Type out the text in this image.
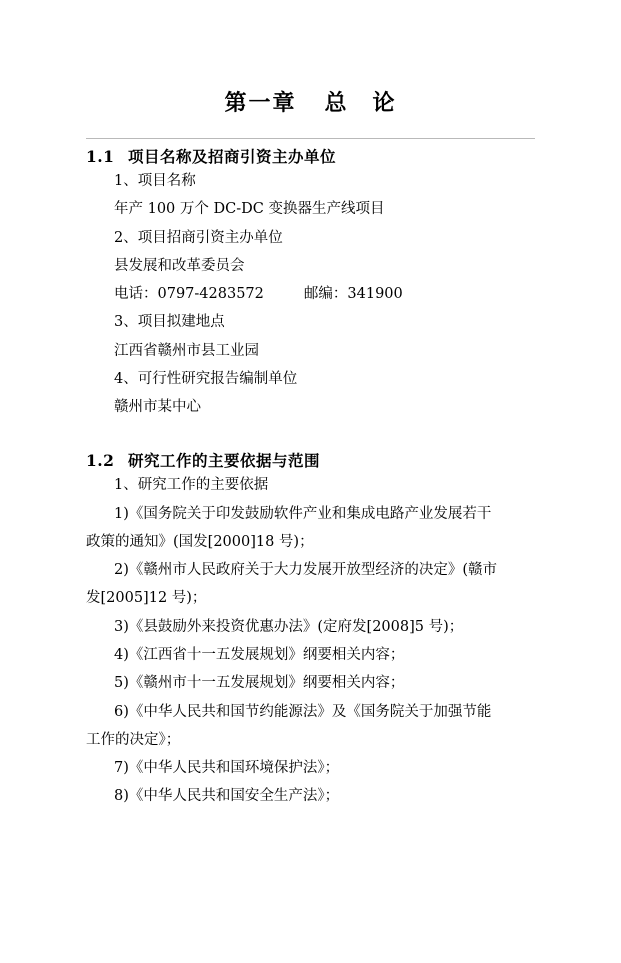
第一章 总　论
1.1 项目名称及招商引资主办单位

1、项目名称

年产 100 万个 DC-DC 变换器生产线项目

2、项目招商引资主办单位

县发展和改革委员会

电话：0797-4283572	邮编：341900

3、项目拟建地点

江西省赣州市县工业园

4、可行性研究报告编制单位

赣州市某中心

1.2 研究工作的主要依据与范围

1、研究工作的主要依据

1)《国务院关于印发鼓励软件产业和集成电路产业发展若干

政策的通知》(国发[2000]18 号)；

2)《赣州市人民政府关于大力发展开放型经济的决定》(赣市

发[2005]12 号)；

3)《县鼓励外来投资优惠办法》(定府发[2008]5 号)；

4)《江西省十一五发展规划》纲要相关内容；

5)《赣州市十一五发展规划》纲要相关内容；

6)《中华人民共和国节约能源法》及《国务院关于加强节能

工作的决定》；

7)《中华人民共和国环境保护法》；

8)《中华人民共和国安全生产法》；
